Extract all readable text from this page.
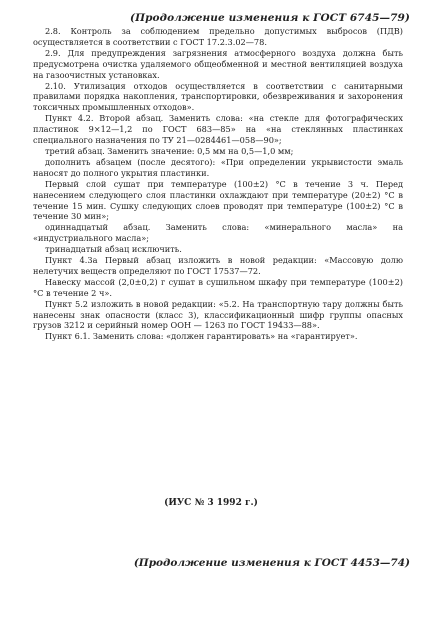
(Продолжение изменения к ГОСТ 6745—79)

2.8. Контроль за соблюдением предельно допустимых выбросов (ПДВ) осуществляется в соответствии с ГОСТ 17.2.3.02—78.

2.9. Для предупреждения загрязнения атмосферного воздуха должна быть предусмотрена очистка удаляемого общеобменной и местной вентиляцией воздуха на газоочистных установках.

2.10. Утилизация отходов осуществляется в соответствии с санитарными правилами порядка накопления, транспортировки, обезвреживания и захоронения токсичных промышленных отходов».

Пункт 4.2. Второй абзац. Заменить слова: «на стекле для фотографических пластинок 9×12—1,2 по ГОСТ 683—85» на «на стеклянных пластинках специального назначения по ТУ 21—0284461—058—90»;

третий абзац. Заменить значение: 0,5 мм на 0,5—1,0 мм;

дополнить абзацем (после десятого): «При определении укрывистости эмаль наносят до полного укрытия пластинки.

Первый слой сушат при температуре (100±2) °С в течение 3 ч. Перед нанесением следующего слоя пластинки охлаждают при температуре (20±2) °С в течение 15 мин. Сушку следующих слоев проводят при температуре (100±2) °С в течение 30 мин»;

одиннадцатый абзац. Заменить слова: «минерального масла» на «индустриального масла»;

тринадцатый абзац исключить.

Пункт 4.3а Первый абзац изложить в новой редакции: «Массовую долю нелетучих веществ определяют по ГОСТ 17537—72.

Навеску массой (2,0±0,2) г сушат в сушильном шкафу при температуре (100±2) °С в течение 2 ч».

Пункт 5.2 изложить в новой редакции: «5.2. На транспортную тару должны быть нанесены знак опасности (класс 3), классификационный шифр группы опасных грузов 3212 и серийный номер ООН — 1263 по ГОСТ 19433—88».

Пункт 6.1. Заменить слова: «должен гарантировать» на «гарантирует».

(ИУС № 3 1992 г.)
(Продолжение изменения к ГОСТ 4453—74)
